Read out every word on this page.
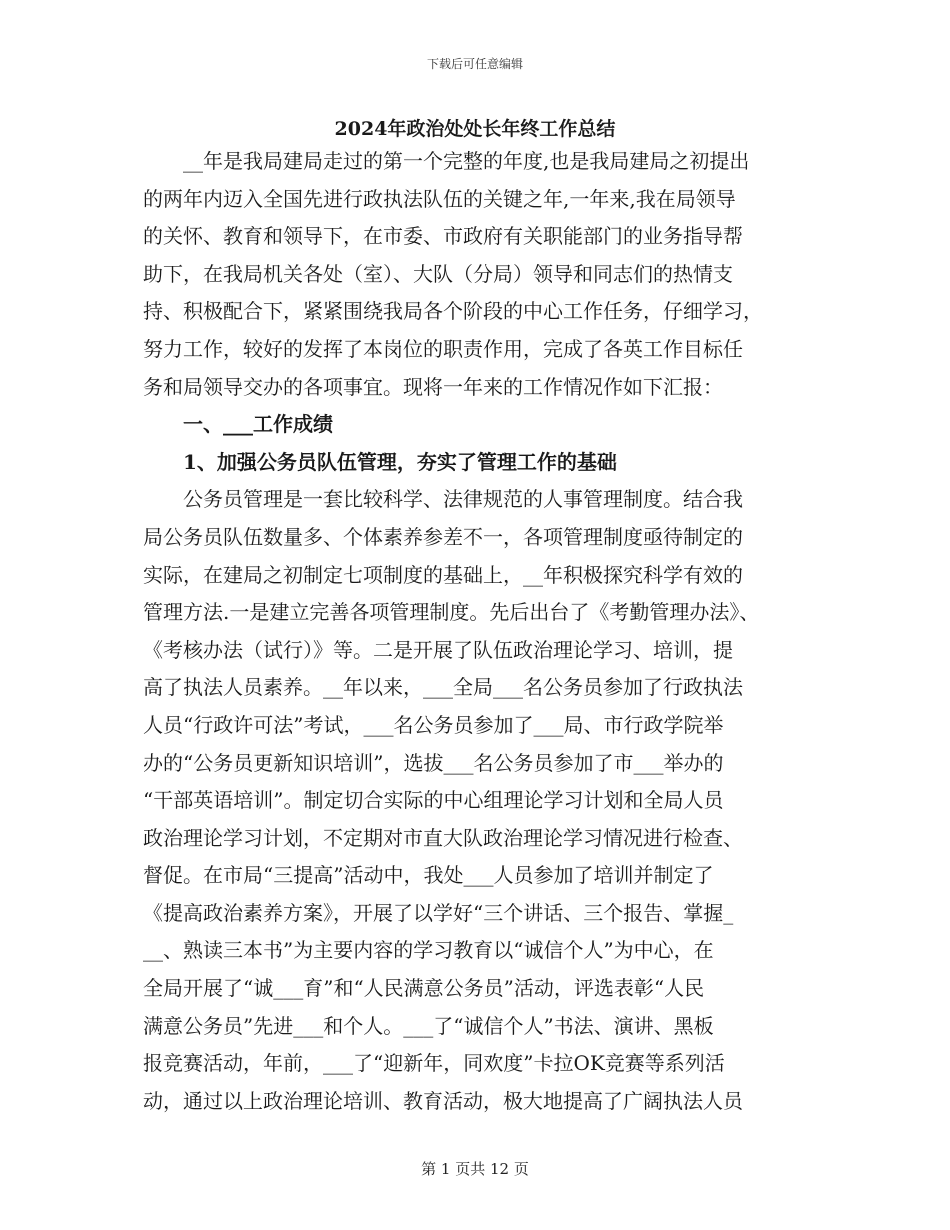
下载后可任意编辑
2024年政治处处长年终工作总结
　　__年是我局建局走过的第一个完整的年度,也是我局建局之初提出
的两年内迈入全国先进行政执法队伍的关键之年,一年来,我在局领导
的关怀、教育和领导下，在市委、市政府有关职能部门的业务指导帮
助下，在我局机关各处（室）、大队（分局）领导和同志们的热情支
持、积极配合下，紧紧围绕我局各个阶段的中心工作任务，仔细学习，
努力工作，较好的发挥了本岗位的职责作用，完成了各英工作目标任
务和局领导交办的各项事宜。现将一年来的工作情况作如下汇报：
　　一、___工作成绩
　　1、加强公务员队伍管理，夯实了管理工作的基础
　　公务员管理是一套比较科学、法律规范的人事管理制度。结合我
局公务员队伍数量多、个体素养参差不一，各项管理制度亟待制定的
实际，在建局之初制定七项制度的基础上，__年积极探究科学有效的
管理方法.一是建立完善各项管理制度。先后出台了《考勤管理办法》、
《考核办法（试行）》等。二是开展了队伍政治理论学习、培训，提
高了执法人员素养。__年以来，___全局___名公务员参加了行政执法
人员“行政许可法”考试，___名公务员参加了___局、市行政学院举
办的“公务员更新知识培训”，选拔___名公务员参加了市___举办的
“干部英语培训”。制定切合实际的中心组理论学习计划和全局人员
政治理论学习计划，不定期对市直大队政治理论学习情况进行检查、
督促。在市局“三提高”活动中，我处___人员参加了培训并制定了
《提高政治素养方案》，开展了以学好“三个讲话、三个报告、掌握_
__、熟读三本书”为主要内容的学习教育以“诚信个人”为中心，在
全局开展了“诚___育”和“人民满意公务员”活动，评选表彰“人民
满意公务员”先进___和个人。___了“诚信个人”书法、演讲、黑板
报竞赛活动，年前，___了“迎新年，同欢度”卡拉OK竞赛等系列活
动，通过以上政治理论培训、教育活动，极大地提高了广阔执法人员
第 1 页共 12 页
